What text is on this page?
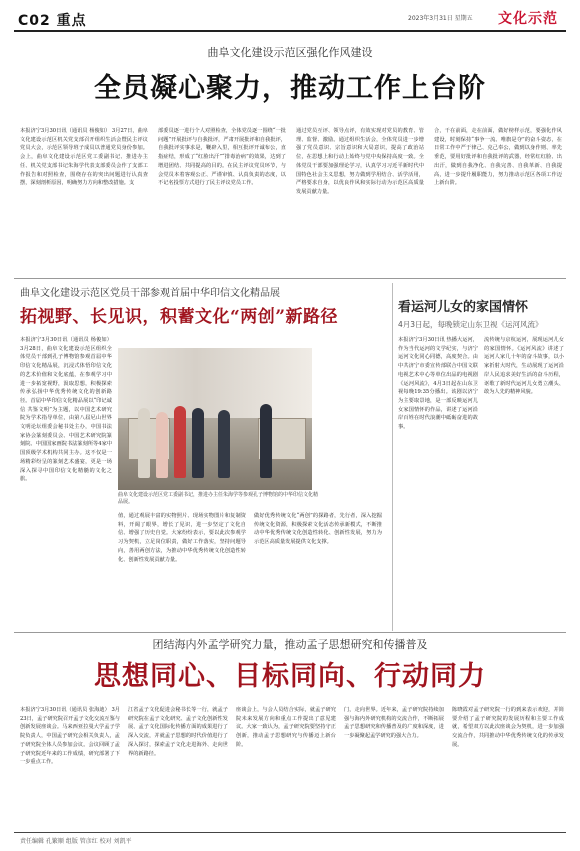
C02 重点	2023年3月31日 星期五 文化示范
曲阜文化建设示范区强化作风建设
全员凝心聚力，推动工作上台阶
本报济宁3月30日讯（通讯员 杨俊如） 3月27日，曲阜文化建设示范区机关党支部召开组织生活会暨民主评议党员大会，示范区领导班子成员以普通党员身份参加。会上，曲阜文化建设示范区党工委副书记、推进办主任、机关党支部书记朱海学代表支部委员会作了支部工作报告和对照检查，围绕存在的突出问题进行认真查摆，深刻剖析原因，明确努力方向和整改措施。支
部委员逐一进行个人对照检查，全体党员逐一围绕“一批问题”开展批评与自我批评，严肃开展批评和自我批评，自我批评实事求是，鞭辟入里，相互批评开诚布公，直指症结，形成了“红脸出汗”“排毒治病”的效果，达到了增进团结、共同提高的目的。在民主评议党员环节，与会党员本着客观公正、严谨审慎、认真负责的态度，以不记名投票方式进行了民主评议党员工作。
通过党员互评、领导点评，有效实现对党员的教育、管理、监督、激励。通过组织生活会，全体党员进一步增强了党员意识、宗旨意识和大局意识，提高了政治站位，在思想上和行动上始终与党中央保持高度一致。全体党员干部要加强理论学习，认真学习习近平新时代中国特色社会主义思想，努力做到学用结合、活学活用，严格要求自身，以优良作风和实际行动为示范区高质量发展贡献力量。
合，干在前面，走在前面，做好榜样示范，要强化作风建设，时刻保持“事争一流、唯旗是夺”的奋斗姿态，在日常工作中严于律己、克己奉公，做到以身作则、率先垂范，要用好批评和自我批评的武器，经常红红脸、出出汗，做到自我净化、自我完善、自我革新、自我提高，进一步提升履职能力，努力推动示范区各项工作迈上新台阶。
曲阜文化建设示范区党员干部参观首届中华印信文化精品展
拓视野、长见识，积蓄文化“两创”新路径
本报济宁3月30日讯（通讯员 杨俊如） 3月28日，曲阜文化建设示范区组织全体党员干部到孔子博物馆参观首届中华印信文化精品展，沉浸式体悟印信文化的艺术价值和文化底蕴，在参观学习中进一步拓宽视野，汲取思想，积极探索传承弘扬中华优秀传统文化的创新路径。首届中华印信文化精品展以“印记诚信 共鉴文明”为主题，以中国艺术研究院为学术指导单位，由第八届尼山世界文明论坛组委会秘书处主办，中国书法家协会篆刻委员会、中国艺术研究院篆刻院、中国国家画院书法篆刻所等4家中国顶级学术机构共同主办。这不仅是一场精彩纷呈的篆刻艺术盛宴，更是一场深入探寻中国印信文化精髓的文化之旅。
曲阜文化建设示范区党工委副书记，推进办主任朱海学等参观孔子博物馆的中华印信文化精品展。
值，通过观展丰富的实物照片、现场实物图片和复制资料，开阔了眼界，增长了见识，进一步坚定了文化自信、增强了历史自觉。大家纷纷表示，要以此次参观学习为契机，立足岗位职责，做好工作落实，坚持问题导向，善用两创方法，为推动中华优秀传统文化创造性转化、创新性发展贡献力量。
做好优秀传统文化“两创”的探路者，先行者，深入挖掘传统文化资源，积极探索文化活态传承新模式，不断推动中华优秀传统文化创造性转化、创新性发展，努力为示范区高质量发展提供文化支撑。
看运河儿女的家国情怀
4月3日起，每晚锁定山东卫视《运河风流》
本报济宁3月30日讯 热播大运河，作为当代运河的文学纪实，与济宁运河文化同心同德，高度契合。由中共济宁市委宣传部联合中国文联电视艺术中心等单位出品的电视剧《运河风流》，4月3日起在山东卫视每晚19:35分播出。该剧以济宁为主要取景地，是一部反映运河儿女家国情怀的作品，讲述了运河沿岸百姓在时代浪潮中砥砺奋进的故事。
流传统与京杭运河，展现运河儿女的家国情怀。《运河风流》讲述了运河人家几十年的奋斗故事，以小家折射大时代，生动展现了运河沿岸人民追求美好生活的奋斗历程，讴歌了新时代运河儿女勇立潮头、敢为人先的精神风貌。
团结海内外孟学研究力量，推动孟子思想研究和传播普及
思想同心、目标同向、行动同力
本报济宁3月30日讯（通讯员 张海迪） 3月23日，孟子研究院召开孟子文化交流互鉴与创新发展座谈会。马来西亚拉曼大学孟子学院负责人，中国孟子研究会相关负责人，孟子研究院全体人员参加会议。会议回顾了孟子研究院近年来的工作成绩，研究部署了下一步重点工作。
江省孟子文化促进会秘书长等一行，就孟子研究院在孟子文化研究、孟子文化创新性发展、孟子文化国际化传播方面的成果进行了深入交流，并就孟子思想的时代价值进行了深入探讨，探索孟子文化走进海外、走向世界的新路径。
座谈会上，与会人员结合实际，就孟子研究院未来发展方向和重点工作提出了意见建议。大家一致认为，孟子研究院要坚持守正创新，推动孟子思想研究与传播迈上新台阶。
门，走向世界。近年来，孟子研究院持续加强与海内外研究机构的交流合作，不断拓展孟子思想研究和传播普及的广度和深度，进一步凝聚起孟学研究的强大合力。
陈晓霞对孟子研究院一行的到来表示欢迎，并简要介绍了孟子研究院的发展历程和主要工作成就，希望双方以此次座谈会为契机，进一步加强交流合作，共同推动中华优秀传统文化的传承发展。
责任编辑 孔繁顺 组版 管彦红 校对 刘凯平
